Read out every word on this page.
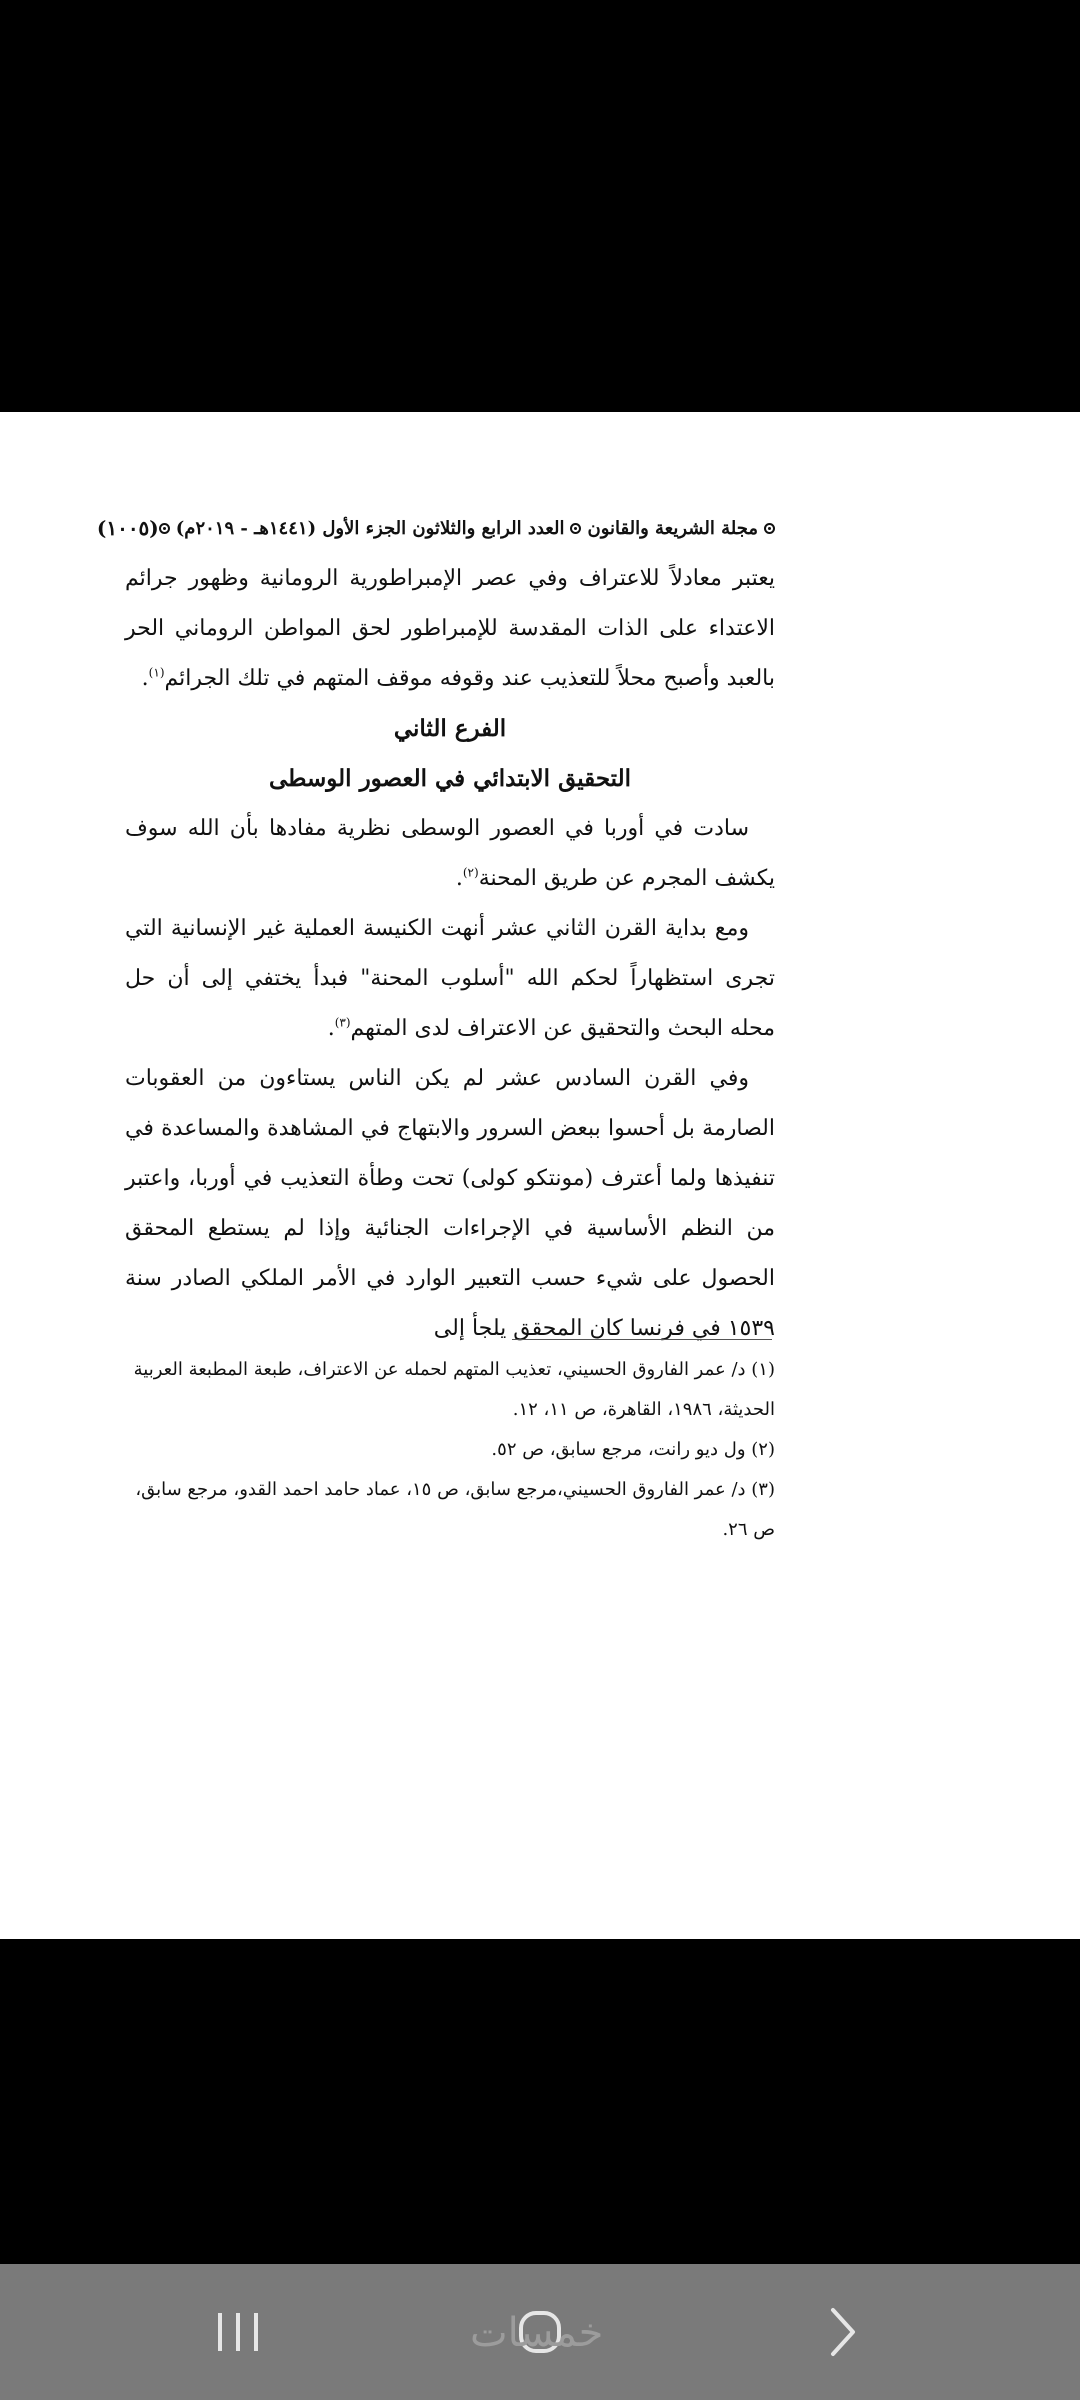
مجلة الشريعة والقانون
العدد الرابع والثلاثون الجزء الأول (١٤٤١هـ - ٢٠١٩م)
(١٠٠٥)

يعتبر معادلاً للاعتراف وفي عصر الإمبراطورية الرومانية وظهور جرائم الاعتداء على الذات المقدسة للإمبراطور لحق المواطن الروماني الحر بالعبد وأصبح محلاً للتعذيب عند وقوفه موقف المتهم في تلك الجرائم$^{(١)}$.

الفرع الثاني

التحقيق الابتدائي في العصور الوسطى

سادت في أوربا في العصور الوسطى نظرية مفادها بأن الله سوف يكشف المجرم عن طريق المحنة$^{(٢)}$.

ومع بداية القرن الثاني عشر أنهت الكنيسة العملية غير الإنسانية التي تجرى استظهاراً لحكم الله "أسلوب المحنة" فبدأ يختفي إلى أن حل محله البحث والتحقيق عن الاعتراف لدى المتهم$^{(٣)}$.

وفي القرن السادس عشر لم يكن الناس يستاءون من العقوبات الصارمة بل أحسوا ببعض السرور والابتهاج في المشاهدة والمساعدة في تنفيذها ولما أعترف (مونتكو كولى) تحت وطأة التعذيب في أوربا، واعتبر من النظم الأساسية في الإجراءات الجنائية وإذا لم يستطع المحقق الحصول على شيء حسب التعبير الوارد في الأمر الملكي الصادر سنة ١٥٣٩ في فرنسا كان المحقق يلجأ إلى

(١) د/ عمر الفاروق الحسيني، تعذيب المتهم لحمله عن الاعتراف، طبعة المطبعة العربية الحديثة، ١٩٨٦، القاهرة، ص ١١، ١٢.

(٢) ول ديو رانت، مرجع سابق، ص ٥٢.

(٣) د/ عمر الفاروق الحسيني،مرجع سابق، ص ١٥، عماد حامد احمد القدو، مرجع سابق، ص ٢٦.

خمسات
